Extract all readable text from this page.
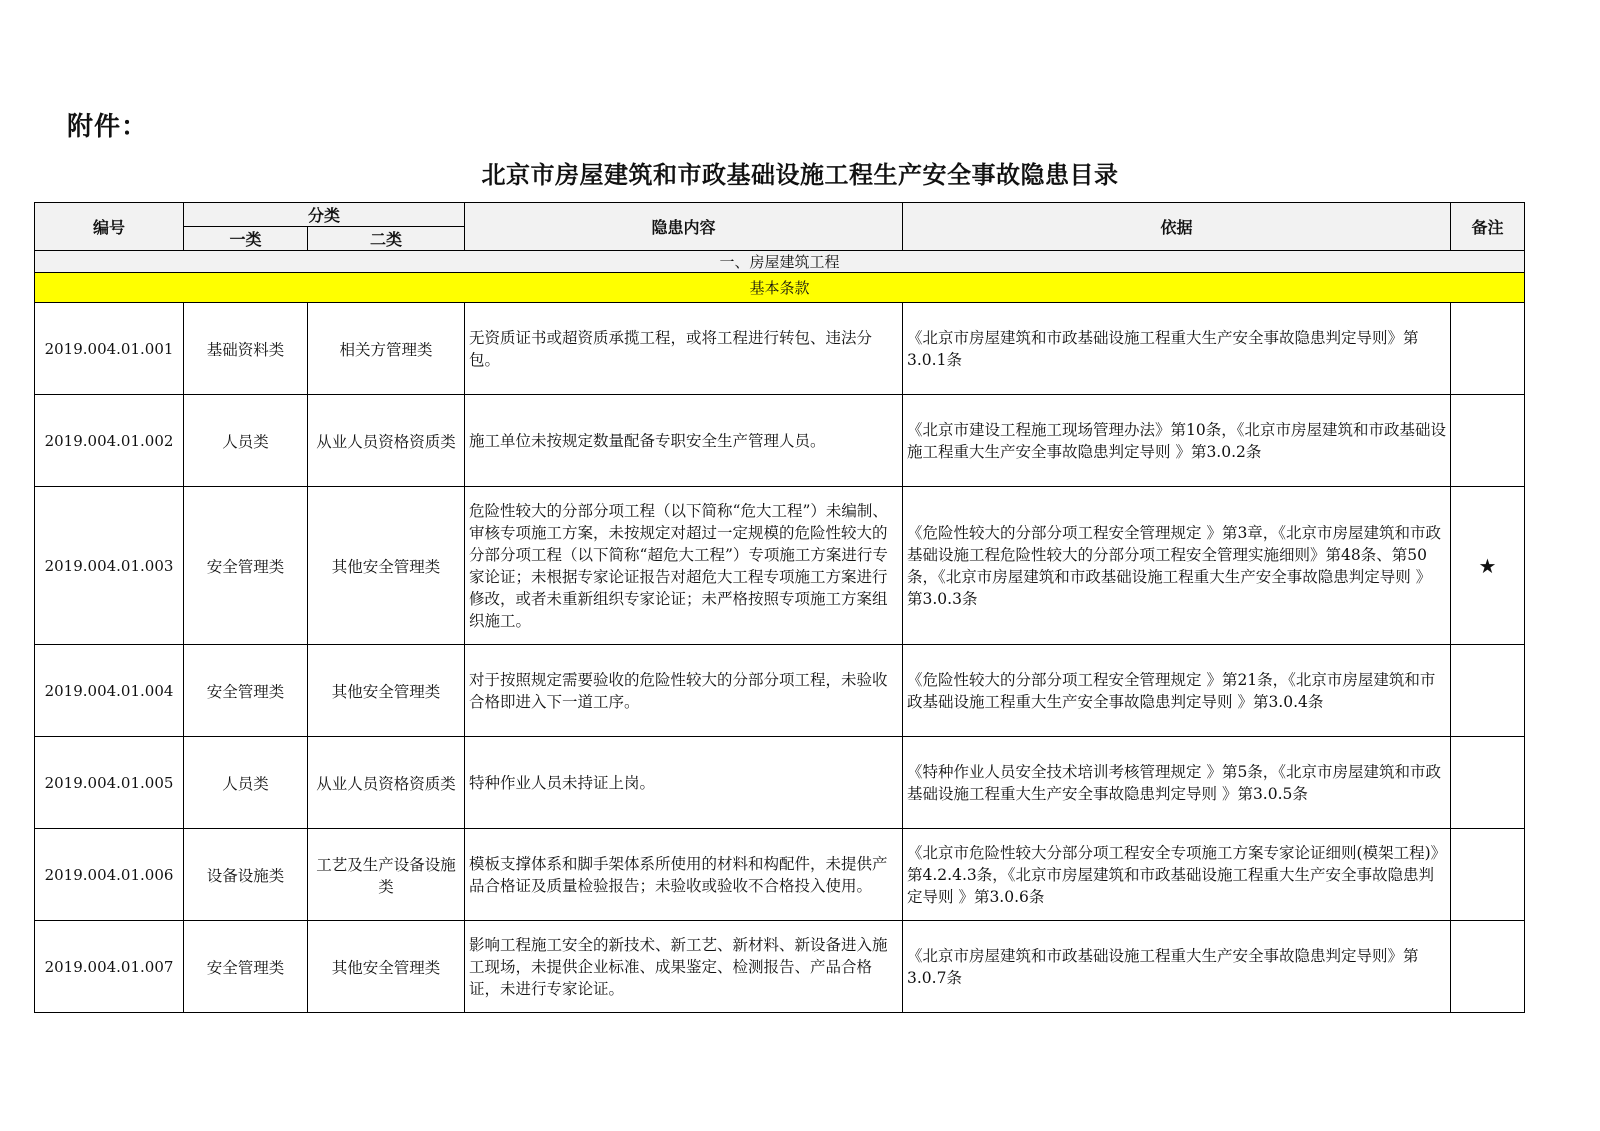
附件：
北京市房屋建筑和市政基础设施工程生产安全事故隐患目录
编号	分类		隐患内容	依据	备注
	一类	二类			
一、房屋建筑工程					
基本条款					
2019.004.01.001	基础资料类	相关方管理类	无资质证书或超资质承揽工程，或将工程进行转包、违法分包。	《北京市房屋建筑和市政基础设施工程重大生产安全事故隐患判定导则》第3.0.1条	
2019.004.01.002	人员类	从业人员资格资质类	施工单位未按规定数量配备专职安全生产管理人员。	《北京市建设工程施工现场管理办法》第10条，《北京市房屋建筑和市政基础设施工程重大生产安全事故隐患判定导则 》第3.0.2条	
2019.004.01.003	安全管理类	其他安全管理类	危险性较大的分部分项工程（以下简称“危大工程”）未编制、审核专项施工方案，未按规定对超过一定规模的危险性较大的分部分项工程（以下简称“超危大工程”）专项施工方案进行专家论证；未根据专家论证报告对超危大工程专项施工方案进行修改，或者未重新组织专家论证；未严格按照专项施工方案组织施工。	《危险性较大的分部分项工程安全管理规定 》第3章，《北京市房屋建筑和市政基础设施工程危险性较大的分部分项工程安全管理实施细则》第48条、第50条，《北京市房屋建筑和市政基础设施工程重大生产安全事故隐患判定导则 》第3.0.3条	★
2019.004.01.004	安全管理类	其他安全管理类	对于按照规定需要验收的危险性较大的分部分项工程，未验收合格即进入下一道工序。	《危险性较大的分部分项工程安全管理规定 》第21条，《北京市房屋建筑和市政基础设施工程重大生产安全事故隐患判定导则 》第3.0.4条	
2019.004.01.005	人员类	从业人员资格资质类	特种作业人员未持证上岗。	《特种作业人员安全技术培训考核管理规定 》第5条，《北京市房屋建筑和市政基础设施工程重大生产安全事故隐患判定导则 》第3.0.5条	
2019.004.01.006	设备设施类	工艺及生产设备设施类	模板支撑体系和脚手架体系所使用的材料和构配件，未提供产品合格证及质量检验报告；未验收或验收不合格投入使用。	《北京市危险性较大分部分项工程安全专项施工方案专家论证细则(模架工程)》第4.2.4.3条，《北京市房屋建筑和市政基础设施工程重大生产安全事故隐患判定导则 》第3.0.6条	
2019.004.01.007	安全管理类	其他安全管理类	影响工程施工安全的新技术、新工艺、新材料、新设备进入施工现场，未提供企业标准、成果鉴定、检测报告、产品合格证，未进行专家论证。	《北京市房屋建筑和市政基础设施工程重大生产安全事故隐患判定导则》第3.0.7条	
